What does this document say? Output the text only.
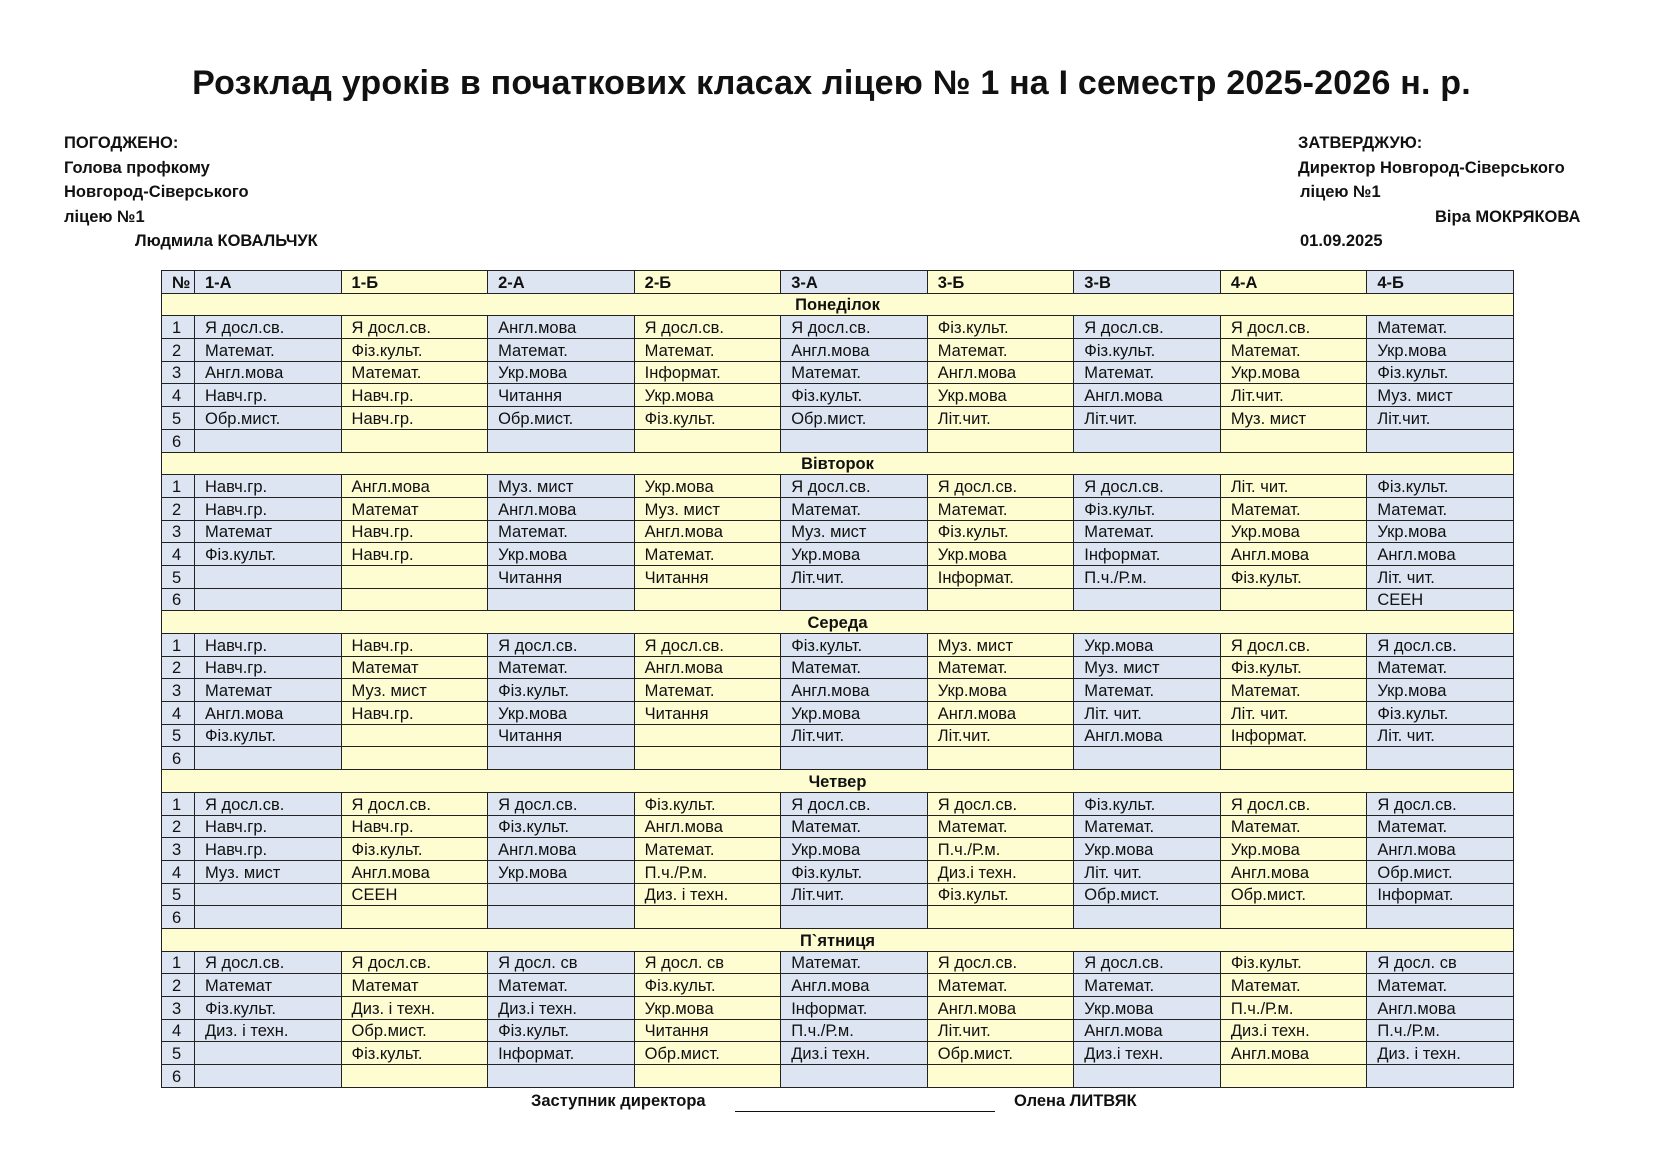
Розклад уроків в початкових класах ліцею № 1 на І семестр 2025-2026 н. р.
ПОГОДЖЕНО:
Голова профкому
Новгород-Сіверського
ліцею №1
Людмила КОВАЛЬЧУК
ЗАТВЕРДЖУЮ:
Директор Новгород-Сіверського
ліцею №1
Віра МОКРЯКОВА
01.09.2025
№	1-А	1-Б	2-А	2-Б	3-А	3-Б	3-В	4-А	4-Б
Понеділок									
1	Я досл.св.	Я досл.св.	Англ.мова	Я досл.св.	Я досл.св.	Фіз.культ.	Я досл.св.	Я досл.св.	Математ.
2	Математ.	Фіз.культ.	Математ.	Математ.	Англ.мова	Математ.	Фіз.культ.	Математ.	Укр.мова
3	Англ.мова	Математ.	Укр.мова	Інформат.	Математ.	Англ.мова	Математ.	Укр.мова	Фіз.культ.
4	Навч.гр.	Навч.гр.	Читання	Укр.мова	Фіз.культ.	Укр.мова	Англ.мова	Літ.чит.	Муз. мист
5	Обр.мист.	Навч.гр.	Обр.мист.	Фіз.культ.	Обр.мист.	Літ.чит.	Літ.чит.	Муз. мист	Літ.чит.
6									
Вівторок									
1	Навч.гр.	Англ.мова	Муз. мист	Укр.мова	Я досл.св.	Я досл.св.	Я досл.св.	Літ. чит.	Фіз.культ.
2	Навч.гр.	Математ	Англ.мова	Муз. мист	Математ.	Математ.	Фіз.культ.	Математ.	Математ.
3	Математ	Навч.гр.	Математ.	Англ.мова	Муз. мист	Фіз.культ.	Математ.	Укр.мова	Укр.мова
4	Фіз.культ.	Навч.гр.	Укр.мова	Математ.	Укр.мова	Укр.мова	Інформат.	Англ.мова	Англ.мова
5			Читання	Читання	Літ.чит.	Інформат.	П.ч./Р.м.	Фіз.культ.	Літ. чит.
6									СЕЕН
Середа									
1	Навч.гр.	Навч.гр.	Я досл.св.	Я досл.св.	Фіз.культ.	Муз. мист	Укр.мова	Я досл.св.	Я досл.св.
2	Навч.гр.	Математ	Математ.	Англ.мова	Математ.	Математ.	Муз. мист	Фіз.культ.	Математ.
3	Математ	Муз. мист	Фіз.культ.	Математ.	Англ.мова	Укр.мова	Математ.	Математ.	Укр.мова
4	Англ.мова	Навч.гр.	Укр.мова	Читання	Укр.мова	Англ.мова	Літ. чит.	Літ. чит.	Фіз.культ.
5	Фіз.культ.		Читання		Літ.чит.	Літ.чит.	Англ.мова	Інформат.	Літ. чит.
6									
Четвер									
1	Я досл.св.	Я досл.св.	Я досл.св.	Фіз.культ.	Я досл.св.	Я досл.св.	Фіз.культ.	Я досл.св.	Я досл.св.
2	Навч.гр.	Навч.гр.	Фіз.культ.	Англ.мова	Математ.	Математ.	Математ.	Математ.	Математ.
3	Навч.гр.	Фіз.культ.	Англ.мова	Математ.	Укр.мова	П.ч./Р.м.	Укр.мова	Укр.мова	Англ.мова
4	Муз. мист	Англ.мова	Укр.мова	П.ч./Р.м.	Фіз.культ.	Диз.і техн.	Літ. чит.	Англ.мова	Обр.мист.
5		СЕЕН		Диз. і техн.	Літ.чит.	Фіз.культ.	Обр.мист.	Обр.мист.	Інформат.
6									
П`ятниця									
1	Я досл.св.	Я досл.св.	Я досл. св	Я досл. св	Математ.	Я досл.св.	Я досл.св.	Фіз.культ.	Я досл. св
2	Математ	Математ	Математ.	Фіз.культ.	Англ.мова	Математ.	Математ.	Математ.	Математ.
3	Фіз.культ.	Диз. і техн.	Диз.і техн.	Укр.мова	Інформат.	Англ.мова	Укр.мова	П.ч./Р.м.	Англ.мова
4	Диз. і техн.	Обр.мист.	Фіз.культ.	Читання	П.ч./Р.м.	Літ.чит.	Англ.мова	Диз.і техн.	П.ч./Р.м.
5		Фіз.культ.	Інформат.	Обр.мист.	Диз.і техн.	Обр.мист.	Диз.і техн.	Англ.мова	Диз. і техн.
6									
Заступник директора	Олена ЛИТВЯК
